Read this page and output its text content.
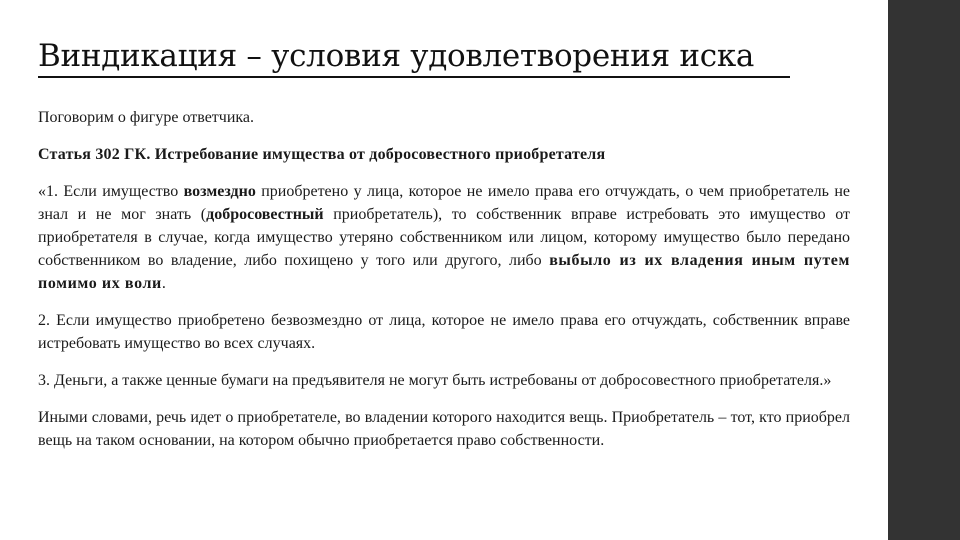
Виндикация – условия удовлетворения иска

Поговорим о фигуре ответчика.

Статья 302 ГК. Истребование имущества от добросовестного приобретателя

«1. Если имущество возмездно приобретено у лица, которое не имело права его отчуждать, о чем приобретатель не знал и не мог знать (добросовестный приобретатель), то собственник вправе истребовать это имущество от приобретателя в случае, когда имущество утеряно собственником или лицом, которому имущество было передано собственником во владение, либо похищено у того или другого, либо выбыло из их владения иным путем помимо их воли.

2. Если имущество приобретено безвозмездно от лица, которое не имело права его отчуждать, собственник вправе истребовать имущество во всех случаях.

3. Деньги, а также ценные бумаги на предъявителя не могут быть истребованы от добросовестного приобретателя.»

Иными словами, речь идет о приобретателе, во владении которого находится вещь. Приобретатель – тот, кто приобрел вещь на таком основании, на котором обычно приобретается право собственности.
